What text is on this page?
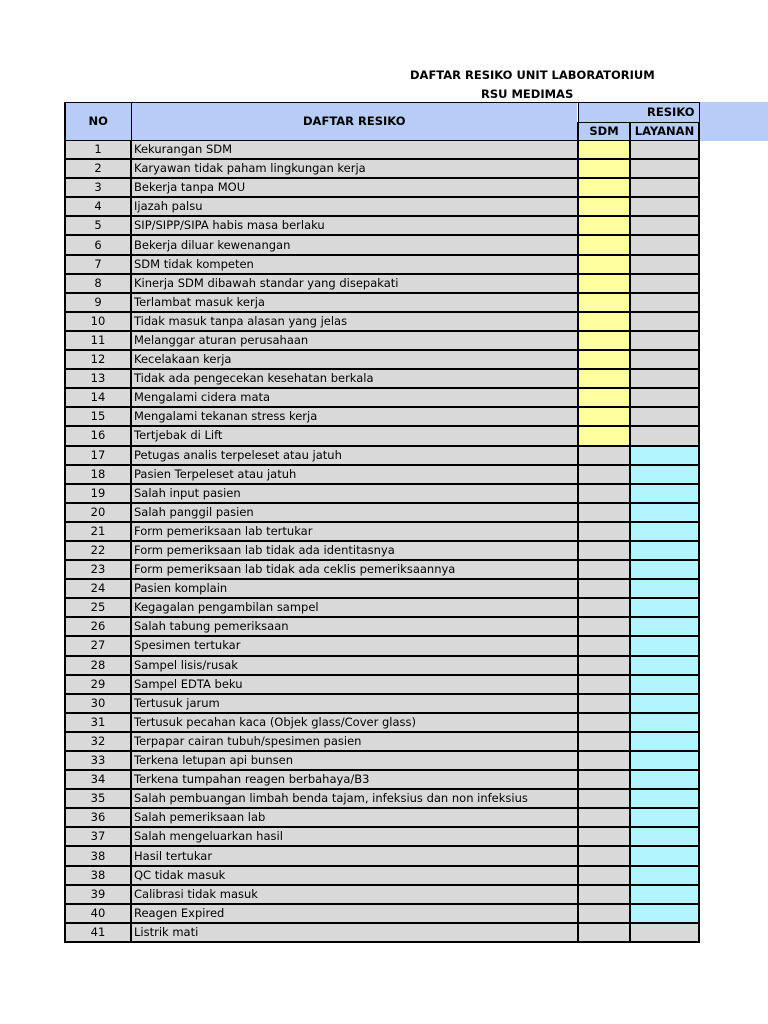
DAFTAR RESIKO UNIT LABORATORIUM
RSU MEDIMAS
NO	DAFTAR RESIKO	RESIKO	
		SDM	LAYANAN
1	Kekurangan SDM		
2	Karyawan tidak paham lingkungan kerja		
3	Bekerja tanpa MOU		
4	Ijazah palsu		
5	SIP/SIPP/SIPA habis masa berlaku		
6	Bekerja diluar kewenangan		
7	SDM tidak kompeten		
8	Kinerja SDM dibawah standar yang disepakati		
9	Terlambat masuk kerja		
10	Tidak masuk tanpa alasan yang jelas		
11	Melanggar aturan perusahaan		
12	Kecelakaan kerja		
13	Tidak ada pengecekan kesehatan berkala		
14	Mengalami cidera mata		
15	Mengalami tekanan stress kerja		
16	Tertjebak di Lift		
17	Petugas analis terpeleset atau jatuh		
18	Pasien Terpeleset atau jatuh		
19	Salah input pasien		
20	Salah panggil pasien		
21	Form pemeriksaan lab tertukar		
22	Form pemeriksaan lab tidak ada identitasnya		
23	Form pemeriksaan lab tidak ada ceklis pemeriksaannya		
24	Pasien komplain		
25	Kegagalan pengambilan sampel		
26	Salah tabung pemeriksaan		
27	Spesimen tertukar		
28	Sampel lisis/rusak		
29	Sampel EDTA beku		
30	Tertusuk jarum		
31	Tertusuk pecahan kaca (Objek glass/Cover glass)		
32	Terpapar cairan tubuh/spesimen pasien		
33	Terkena letupan api bunsen		
34	Terkena tumpahan reagen berbahaya/B3		
35	Salah pembuangan limbah benda tajam, infeksius dan non infeksius		
36	Salah pemeriksaan lab		
37	Salah mengeluarkan hasil		
38	Hasil tertukar		
38	QC tidak masuk		
39	Calibrasi tidak masuk		
40	Reagen Expired		
41	Listrik mati		
